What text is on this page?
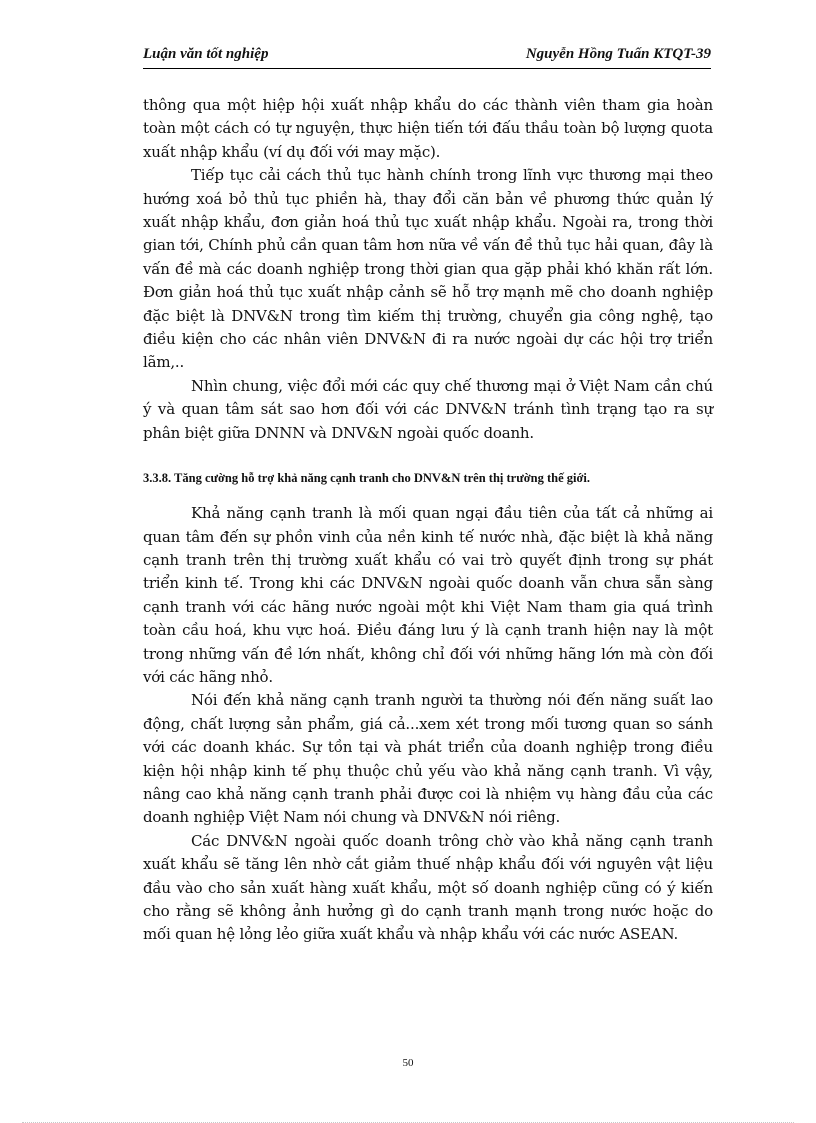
Luận văn tốt nghiệp	Nguyễn Hồng Tuấn KTQT-39

thông qua một hiệp hội xuất nhập khẩu do các thành viên tham gia hoàn toàn một cách có tự nguyện, thực hiện tiến tới đấu thầu toàn bộ lượng quota xuất nhập khẩu (ví dụ đối với may mặc).

Tiếp tục cải cách thủ tục hành chính trong lĩnh vực thương mại theo hướng xoá bỏ thủ tục phiền hà, thay đổi căn bản về phương thức quản lý xuất nhập khẩu, đơn giản hoá thủ tục xuất nhập khẩu. Ngoài ra, trong thời gian tới, Chính phủ cần quan tâm hơn nữa về vấn đề thủ tục hải quan, đây là vấn đề mà các doanh nghiệp trong thời gian qua gặp phải khó khăn rất lớn. Đơn giản hoá thủ tục xuất nhập cảnh sẽ hỗ trợ mạnh mẽ cho doanh nghiệp đặc biệt là DNV&N trong tìm kiếm thị trường, chuyển gia công nghệ, tạo điều kiện cho các nhân viên DNV&N đi ra nước ngoài dự các hội trợ triển lãm,..

Nhìn chung, việc đổi mới các quy chế thương mại ở Việt Nam cần chú ý và quan tâm sát sao hơn đối với các DNV&N tránh tình trạng tạo ra sự phân biệt giữa DNNN và DNV&N ngoài quốc doanh.

3.3.8. Tăng cường hỗ trợ khả năng cạnh tranh cho DNV&N trên thị trường thế giới.

Khả năng cạnh tranh là mối quan ngại đầu tiên của tất cả những ai quan tâm đến sự phồn vinh của nền kinh tế nước nhà, đặc biệt là khả năng cạnh tranh trên thị trường xuất khẩu có vai trò quyết định trong sự phát triển kinh tế. Trong khi các DNV&N ngoài quốc doanh vẫn chưa sẵn sàng cạnh tranh với các hãng nước ngoài một khi Việt Nam tham gia quá trình toàn cầu hoá, khu vực hoá. Điều đáng lưu ý là cạnh tranh hiện nay là một trong những vấn đề lớn nhất, không chỉ đối với những hãng lớn mà còn đối với các hãng nhỏ.

Nói đến khả năng cạnh tranh người ta thường nói đến năng suất lao động, chất lượng sản phẩm, giá cả...xem xét trong mối tương quan so sánh với các doanh khác. Sự tồn tại và phát triển của doanh nghiệp trong điều kiện hội nhập kinh tế phụ thuộc chủ yếu vào khả năng cạnh tranh. Vì vậy, nâng cao khả năng cạnh tranh phải được coi là nhiệm vụ hàng đầu của các doanh nghiệp Việt Nam nói chung và DNV&N nói riêng.

Các DNV&N ngoài quốc doanh trông chờ vào khả năng cạnh tranh xuất khẩu sẽ tăng lên nhờ cắt giảm thuế nhập khẩu đối với nguyên vật liệu đầu vào cho sản xuất hàng xuất khẩu, một số doanh nghiệp cũng có ý kiến cho rằng sẽ không ảnh hưởng gì do cạnh tranh mạnh trong nước hoặc do mối quan hệ lỏng lẻo giữa xuất khẩu và nhập khẩu với các nước ASEAN.

50
